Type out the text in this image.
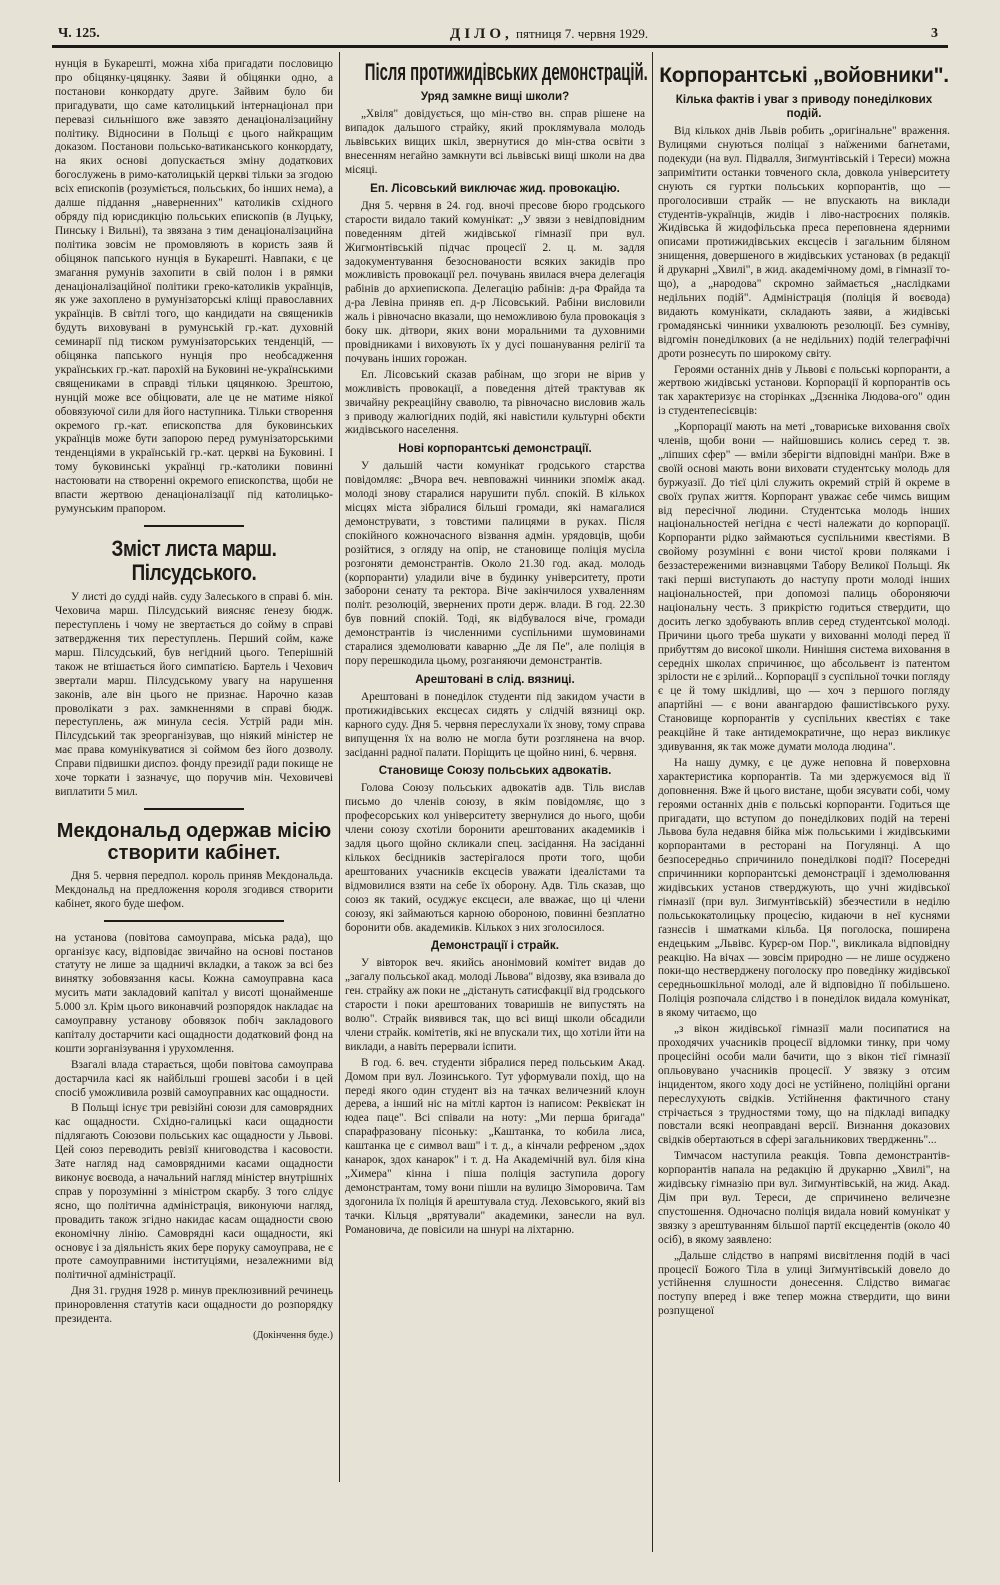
Ч. 125.	ДІЛО, пятниця 7. червня 1929.	3

нунція в Букарешті, можна хіба пригадати пословицю про обіцянку-цяцянку. Заяви й обіцянки одно, а постанови конкордату друге. Зайвим було би пригадувати, що саме католицький інтернаціонал при перевазі сильнішого вже завзято денаціоналізацийну політику. Відносини в Польщі є цього найкращим доказом. Постанови польсько-ватиканського конкордату, на яких основі допускається зміну додаткових богослужень в римо-католицькій церкві тільки за згодою всіх епископів (розуміється, польських, бо інших нема), а далше піддання „наверненних" католиків східного обряду під юрисдикцію польських епископів (в Луцьку, Пинську і Вильні), та звязана з тим денаціоналізацийна політика зовсім не промовляють в користь заяв й обіцянок папського нунція в Букарешті. Навпаки, є це змагання румунів захопити в свій полон і в рямки денаціоналізаційної політики греко-католиків українців, як уже захоплено в румунізаторські кліщі православних українців. В світлі того, що кандидати на священиків будуть виховувані в румунській гр.-кат. духовній семинарії під тиском румунізаторських тенденцій, — обіцянка папського нунція про необсадження українських гр.-кат. парохій на Буковині не-українськими священиками в справді тільки цяцянкою. Зрештою, нунцій може все обіцювати, але це не матиме ніякої обовязуючої сили для його наступника. Тільки створення окремого гр.-кат. епископства для буковинських українців може бути запорою перед румунізаторськими тенденціями в українській гр.-кат. церкві на Буковині. І тому буковинські українці гр.-католики повинні настоювати на створенні окремого епископства, щоби не впасти жертвою денаціоналізації під католицько-румунським прапором.

Зміст листа марш. Пілсудського.

У листі до судді найв. суду Залеського в справі б. мін. Чеховича марш. Пілсудський виясняє ґенезу бюдж. переступлень і чому не звертається до сойму в справі затвердження тих переступлень. Перший сойм, каже марш. Пілсудський, був негідний цього. Теперішній також не втішається його симпатією. Бартель і Чехович звертали марш. Пілсудському увагу на нарушення законів, але він цього не признає. Нарочно казав проволікати з рах. замкненнями в справі бюдж. переступлень, аж минула сесія. Устрій ради мін. Пілсудський так зреорганізував, що ніякий міністер не має права комунікуватися зі соймом без його дозволу. Справи підвишки диспоз. фонду президії ради покище не хоче торкати і зазначує, що поручив мін. Чеховичеві виплатити 5 мил.

Мекдональд одержав місію створити кабінет.

Дня 5. червня передпол. король приняв Мекдональда. Мекдональд на предложення короля згодився створити кабінет, якого буде шефом.

на установа (повітова самоуправа, міська рада), що організує касу, відповідає звичайно на основі постанов статуту не лише за щадничі вкладки, а також за всі без винятку зобовязання касы. Кожна самоуправна каса мусить мати закладовий капітал у висоті щонайменше 5.000 зл. Крім цього виконавчий розпорядок накладає на самоуправну установу обовязок побіч закладового капіталу достарчити касі ощадности додатковий фонд на кошти зорганізування і урухомлення.

Взагалі влада старається, щоби повітова самоуправа достарчила касі як найбільші грошеві засоби і в цей спосіб уможливила розвій самоуправних кас ощадности.

В Польщі існує три ревізійні союзи для самоврядних кас ощадности. Східно-галицькі каси ощадности підлягають Союзови польських кас ощадности у Львові. Цей союз переводить ревізії книговодства і касовости. Зате нагляд над самоврядними касами ощадности виконує воєвода, а начальний нагляд міністер внутрішніх справ у порозумінні з міністром скарбу. З того слідує ясно, що політична адміністрація, виконуючи нагляд, провадить також згідно накидає касам ощадности свою економічну лінію. Самоврядні каси ощадности, які основує і за діяльність яких бере поруку самоуправа, не є проте самоуправними інституціями, незалежними від політичної адміністрації.

Дня 31. грудня 1928 р. минув преклюзивний речинець приноровлення статутів каси ощадности до розпорядку президента.

(Докінчення буде.)
Після протижидівських демонстрацій.
Уряд замкне вищі школи?

„Хвіля" довідується, що мін-ство вн. справ рішене на випадок дальшого страйку, який проклямувала молодь львівських вищих шкіл, звернутися до мін-ства освіти з внесенням негайно замкнути всі львівські вищі школи на два місяці.

Еп. Лісовський виключає жид. провокацію.

Дня 5. червня в 24. год. вночі пресове бюро гродського старости видало такий комунікат: „У звязи з невідповідним поведенням дітей жидівської гімназії при вул. Жигмонтівській підчас процесії 2. ц. м. задля задокументування безоснованости всяких закидів про можливість провокації рел. почувань явилася вчера делегація рабінів до архиепископа. Делегацію рабінів: д-ра Фрайда та д-ра Левіна приняв еп. д-р Лісовський. Рабіни висловили жаль і рівночасно вказали, що неможливою була провокація з боку шк. дітвори, яких вони моральними та духовними провідниками і виховують їх у дусі пошанування релігії та почувань інших горожан.

Еп. Лісовський сказав рабінам, що згори не вірив у можливість провокації, а поведення дітей трактував як звичайну рекреаційну сваволю, та рівночасно висловив жаль з приводу жалюгідних подій, які навістили культурні обєкти жидівського населення.

Нові корпорантські демонстрації.

У дальшій части комунікат гродського старства повідомляє: „Вчора веч. невповажні чинники зпоміж акад. молоді знову старалися нарушити публ. спокій. В кількох місцях міста зібралися більші громади, які намагалися демонструвати, з товстими палицями в руках. Після спокійного кожночасного візвання адмін. урядовців, щоби розійтися, з огляду на опір, не становище поліція мусіла розгоняти демонстрантів. Около 21.30 год. акад. молодь (корпоранти) уладили віче в будинку університету, проти заборони сенату та ректора. Віче закінчилося ухваленням політ. резолюцій, звернених проти держ. влади. В год. 22.30 був повний спокій. Тоді, як відбувалося віче, громади демонстрантів із численними суспільними шумовинами старалися здемолювати каварню „Де ля Пе", але поліція в пору перешкодила цьому, розганяючи демонстрантів.

Арештовані в слід. вязниці.

Арештовані в понеділок студенти під закидом участи в протижидівських ексцесах сидять у слідчій вязниці окр. карного суду. Дня 5. червня переслухали їх знову, тому справа випущення їх на волю не могла бути розглянена на вчор. засіданні радної палати. Поріщить це щойно нині, 6. червня.

Становище Союзу польських адвокатів.

Голова Союзу польських адвокатів адв. Тіль вислав письмо до членів союзу, в якім повідомляє, що з професорських кол університету звернулися до нього, щоби члени союзу схотіли боронити арештованих академиків і задля цього щойно скликали спец. засідання. На засіданні кількох бесідників застерігалося проти того, щоби арештованих учасників ексцесів уважати ідеалістами та відмовилися взяти на себе їх оборону. Адв. Тіль сказав, що союз як такий, осуджує ексцеси, але вважає, що ці члени союзу, які займаються карною обороною, повинні безплатно боронити обв. академиків. Кількох з них зголосилося.

Демонстрації і страйк.

У вівторок веч. якийсь анонімовий комітет видав до „загалу польської акад. молоді Львова" відозву, яка взивала до ген. страйку аж поки не „дістануть сатисфакції від гродського старости і поки арештованих товаришів не випустять на волю". Страйк виявився так, що всі вищі школи обсадили члени страйк. комітетів, які не впускали тих, що хотіли йти на виклади, а навіть перервали іспити.

В год. 6. веч. студенти зібралися перед польським Акад. Домом при вул. Лозинського. Тут уформували похід, що на переді якого один студент віз на тачках величезний клоун дерева, а інший ніс на мітлі картон із написом: Реквієкат ін юдеа паце". Всі співали на ноту: „Ми перша бригада" спарафразовану пісоньку: „Каштанка, то кобила лиса, каштанка це є символ ваш" і т. д., а кінчали рефреном „здох канарок, здох канарок" і т. д. На Академічній вул. біля кіна „Химера" кінна і піша поліція заступила дорогу демонстрантам, тому вони пішли на вулицю Зіморовича. Там здогонила їх поліція й арештувала студ. Леховського, який віз тачки. Кільця „врятували" академики, занесли на вул. Романовича, де повісили на шнурі на ліхтарню.

Корпорантські „войовники".
Кілька фактів і уваг з приводу понеділкових подій.

Від кількох днів Львів робить „оригінальне" враження. Вулицями снуються поліцаї з наїженими баґнетами, подекуди (на вул. Підвалля, Зиґмунтівській і Тереси) можна запримітити останки товченого скла, довкола університету снують ся гуртки польських корпорантів, що — проголосивши страйк — не впускають на виклади студентів-українців, жидів і ліво-настроєних поляків. Жидівська й жидофільська преса переповнена ядерними описами протижидівських ексцесів і загальним біляном знищення, довершеного в жидівських установах (в редакції й друкарні „Хвилі", в жид. академічному домі, в гімназії то-що), а „народова" скромно займається „наслідками недільних подій". Адміністрація (поліція й воєвода) видають комунікати, складають заяви, а жидівські громадянські чинники ухвалюють резолюції. Без сумніву, відгомін понеділкових (а не недільних) подій телеграфічні дроти рознесуть по широкому світу.

Героями останніх днів у Львові є польські корпоранти, а жертвою жидівські установи. Корпорації й корпорантів ось так характеризує на сторінках „Дзєнніка Людова-ого" один із студентепесієвців:

„Корпорації мають на меті „товариське виховання своїх членів, щоби вони — найшовшись колись серед т. зв. „ліпших сфер" — вміли зберігти відповідні манїри. Вже в своїй основі мають вони виховати студентську молодь для буржуазії. До тієї цілі служить окремий стрій й окреме в своїх ґрупах життя. Корпорант уважає себе чимсь вищим від пересічної людини. Студентська молодь інших національностей негідна є честі належати до корпорації. Корпоранти рідко займаються суспільними квестіями. В свойому розумінні є вони чистої крови поляками і беззастереженими визнавцями Табору Великої Польщі. Як такі перші виступають до наступу проти молоді інших національностей, при допомозі палиць обороняючи національну честь. З прикрістю годиться ствердити, що досить легко здобувають вплив серед студентської молоді. Причини цього треба шукати у вихованні молоді перед її прибуттям до високої школи. Нинішня система виховання в середніх школах спричинює, що абсольвент із патентом зрілости не є зрілий... Корпорації з суспільної точки погляду є це й тому шкідливі, що — хоч з першого погляду апартійні — є вони авангардою фашистівського руху. Становище корпорантів у суспільних квестіях є таке реакційне й таке антидемократичне, що нераз викликує здивування, як так може думати молода людина".

На нашу думку, є це дуже неповна й поверховна характеристика корпорантів. Та ми здержуємося від її доповнення. Вже й цього вистане, щоби зясувати собі, чому героями останніх днів є польські корпоранти. Годиться ще пригадати, що вступом до понеділкових подій на терені Львова була недавня бійка між польськими і жидівськими корпорантами в ресторані на Погулянці. А що безпосередньо спричинило понеділкові події? Посередні спричинники корпорантські демонстрації і здемолювання жидівських установ стверджують, що учні жидівської гімназії (при вул. Зиґмунтівській) збезчестили в неділю польськокатолицьку процесію, кидаючи в неї куснями ґазнєсів і шматками кільба. Ця поголоска, поширена ендецьким „Львівс. Курєр-ом Пор.", викликала відповідну реакцію. На вічах — зовсім природно — не лише осуджено поки-що нестверджену поголоску про поведінку жидівської середньошкільної молоді, але й відповідно її побільшено. Поліція розпочала слідство і в понеділок видала комунікат, в якому читаємо, що

„з вікон жидівської гімназії мали посипатися на проходячих учасників процесії відломки тинку, при чому процесійні особи мали бачити, що з вікон тієї гімназії опльовувано учасників процесії. У звязку з отсим інцидентом, якого ходу досі не устійнено, поліційні органи переслухують свідків. Устійнення фактичного стану стрічається з трудностями тому, що на підкладі випадку повстали всякі неоправдані версії. Визнання доказових свідків обертаються в сфері загальникових твердженнь"...

Тимчасом наступила реакція. Товпа демонстрантів-корпорантів напала на редакцію й друкарню „Хвилі", на жидівську гімназію при вул. Зиґмунтівській, на жид. Акад. Дім при вул. Тереси, де спричинено величезне спустошення. Одночасно поліція видала новий комунікат у звязку з арештуванням більшої партії ексцедентів (около 40 осіб), в якому заявлено:

„Дальше слідство в напрямі висвітлення подій в часі процесії Божого Тіла в улиці Зиґмунтівській довело до устійнення слушности донесення. Слідство вимагає поступу вперед і вже тепер можна ствердити, що вини розпущеної
